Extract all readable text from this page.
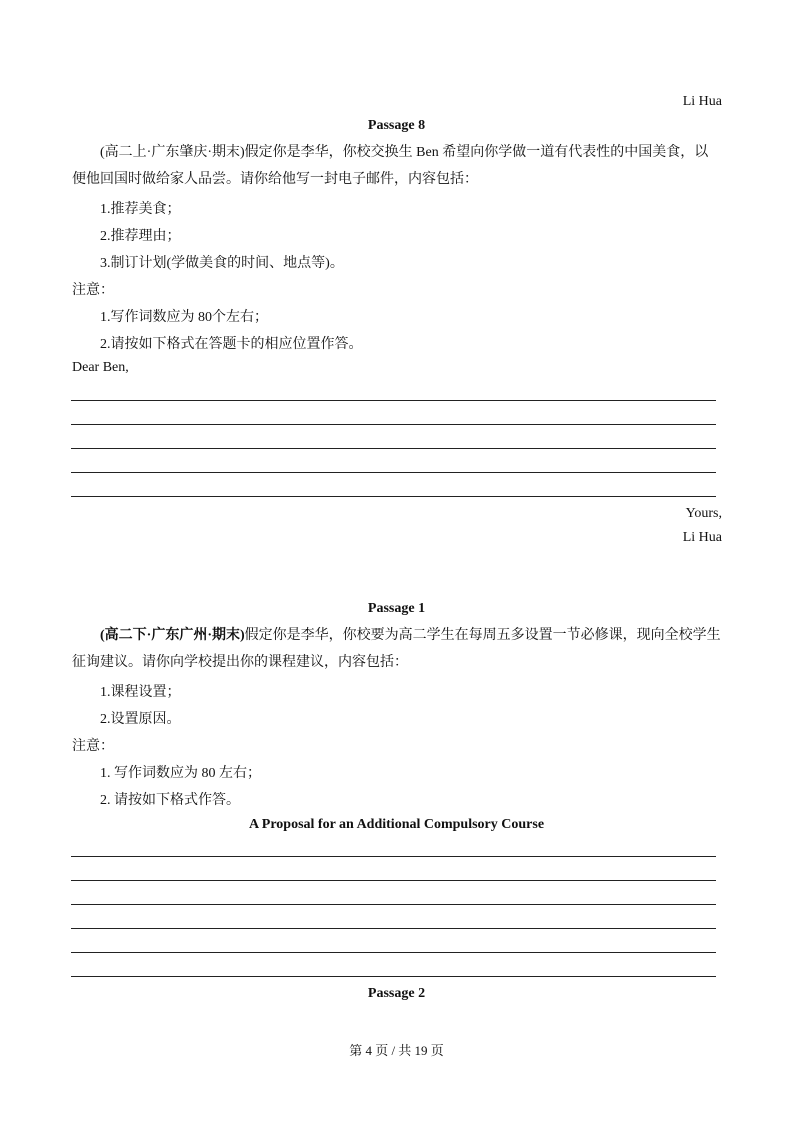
Li Hua
Passage 8
(高二上·广东肇庆·期末)假定你是李华，你校交换生 Ben 希望向你学做一道有代表性的中国美食，以便他回国时做给家人品尝。请你给他写一封电子邮件，内容包括：
1.推荐美食；
2.推荐理由；
3.制订计划(学做美食的时间、地点等)。
注意：
1.写作词数应为 80个左右；
2.请按如下格式在答题卡的相应位置作答。
Dear Ben,
Yours,
Li Hua
Passage 1
(高二下·广东广州·期末)假定你是李华，你校要为高二学生在每周五多设置一节必修课，现向全校学生征询建议。请你向学校提出你的课程建议，内容包括：
1.课程设置；
2.设置原因。
注意：
1. 写作词数应为 80 左右；
2. 请按如下格式作答。
A Proposal for an Additional Compulsory Course
Passage 2
第 4 页 / 共 19 页
